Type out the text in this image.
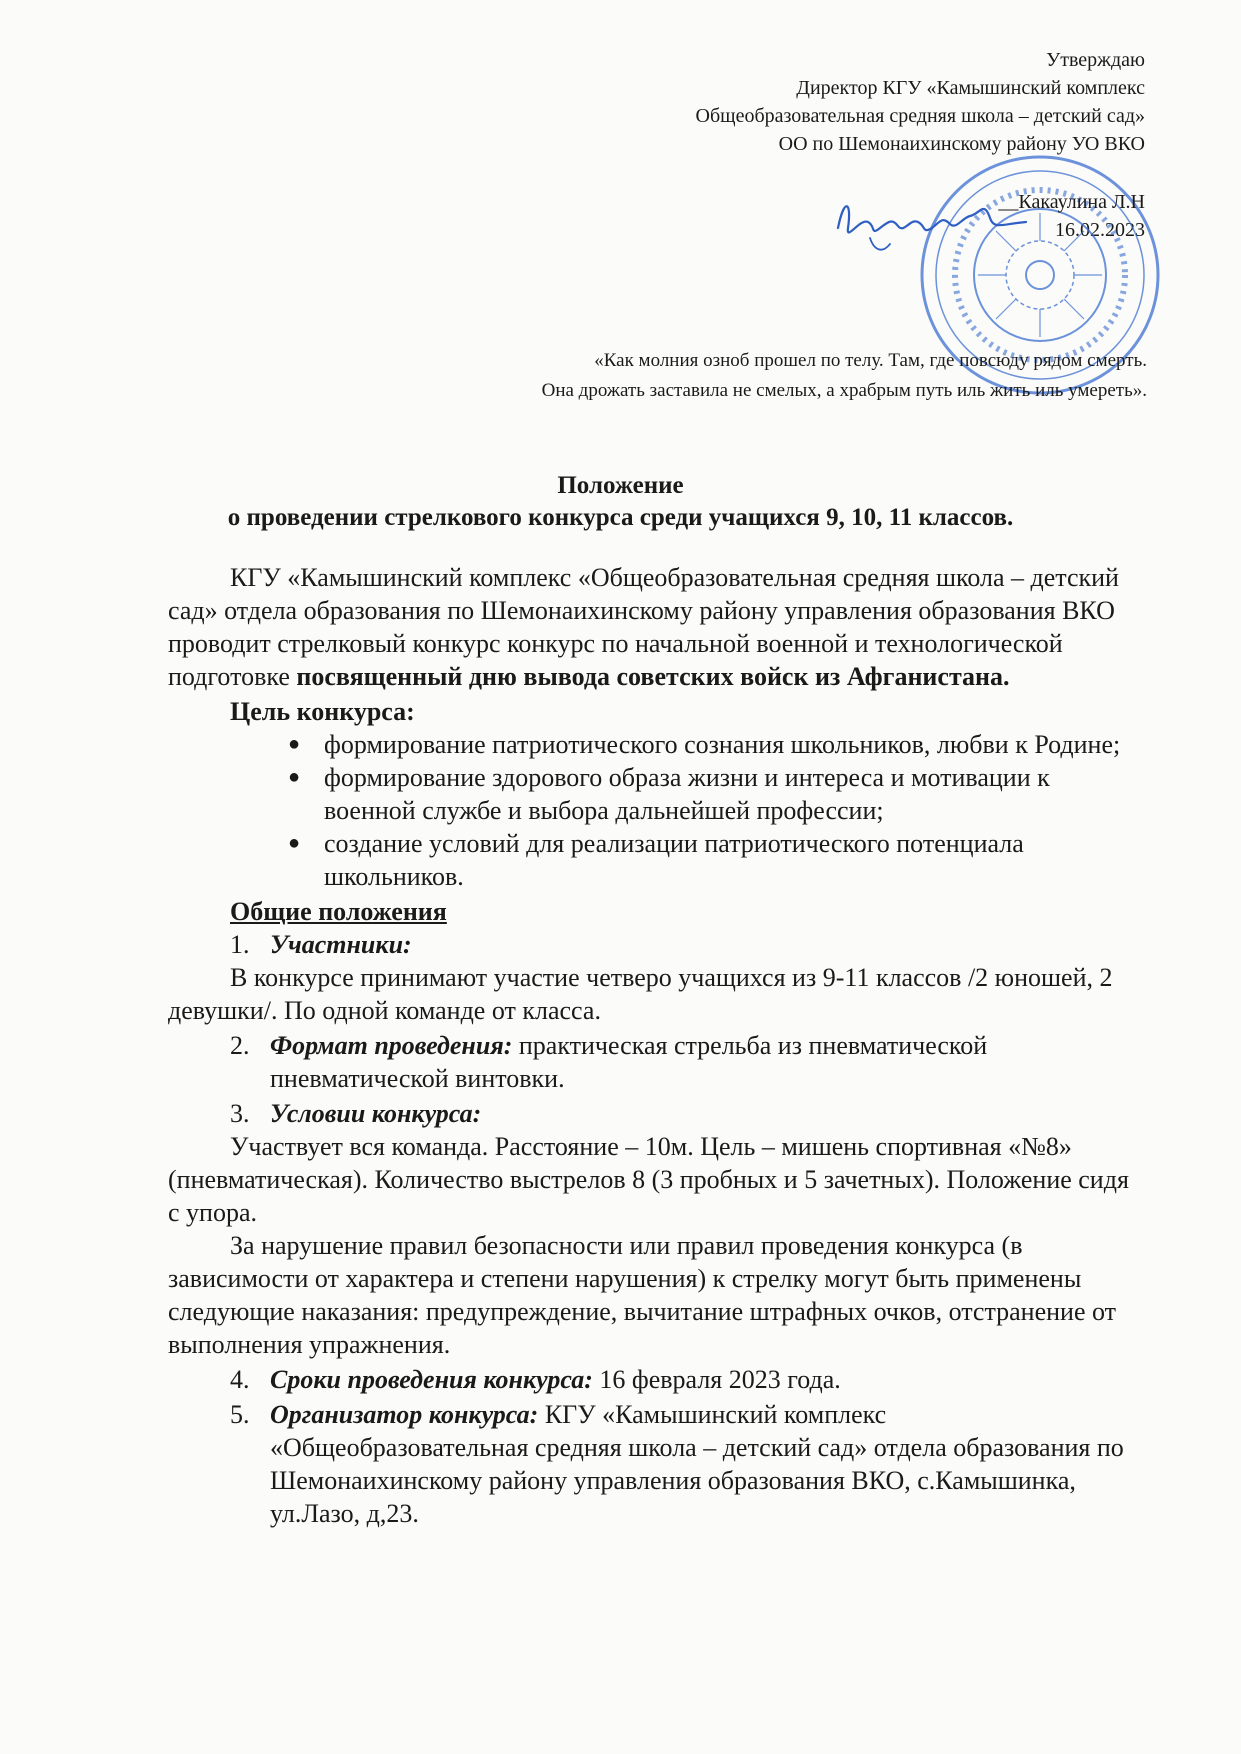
Утверждаю
Директор КГУ «Камышинский комплекс
Общеобразовательная средняя школа – детский сад»
ОО по Шемонаихинскому району УО ВКО
__Какаулина Л.Н
16.02.2023
«Как молния озноб прошел по телу. Там, где повсюду рядом смерть.
Она дрожать заставила не смелых, а храбрым путь иль жить иль умереть».
Положение
о проведении стрелкового конкурса среди учащихся 9, 10, 11 классов.

КГУ «Камышинский комплекс «Общеобразовательная средняя школа – детский сад» отдела образования по Шемонаихинскому району управления образования ВКО проводит стрелковый конкурс конкурс по начальной военной и технологической подготовке посвященный дню вывода советских войск из Афганистана.

Цель конкурса:
● формирование патриотического сознания школьников, любви к Родине;
● формирование здорового образа жизни и интереса и мотивации к военной службе и выбора дальнейшей профессии;
● создание условий для реализации патриотического потенциала школьников.
Общие положения

1. Участники:

В конкурсе принимают участие четверо учащихся из 9-11 классов /2 юношей, 2 девушки/. По одной команде от класса.

2. Формат проведения: практическая стрельба из пневматической пневматической винтовки.

3. Условии конкурса:

Участвует вся команда. Расстояние – 10м. Цель – мишень спортивная «№8» (пневматическая). Количество выстрелов 8 (3 пробных и 5 зачетных). Положение сидя с упора.

За нарушение правил безопасности или правил проведения конкурса (в зависимости от характера и степени нарушения) к стрелку могут быть применены следующие наказания: предупреждение, вычитание штрафных очков, отстранение от выполнения упражнения.

4. Сроки проведения конкурса: 16 февраля 2023 года.

5. Организатор конкурса: КГУ «Камышинский комплекс «Общеобразовательная средняя школа – детский сад» отдела образования по Шемонаихинскому району управления образования ВКО, с.Камышинка, ул.Лазо, д,23.
